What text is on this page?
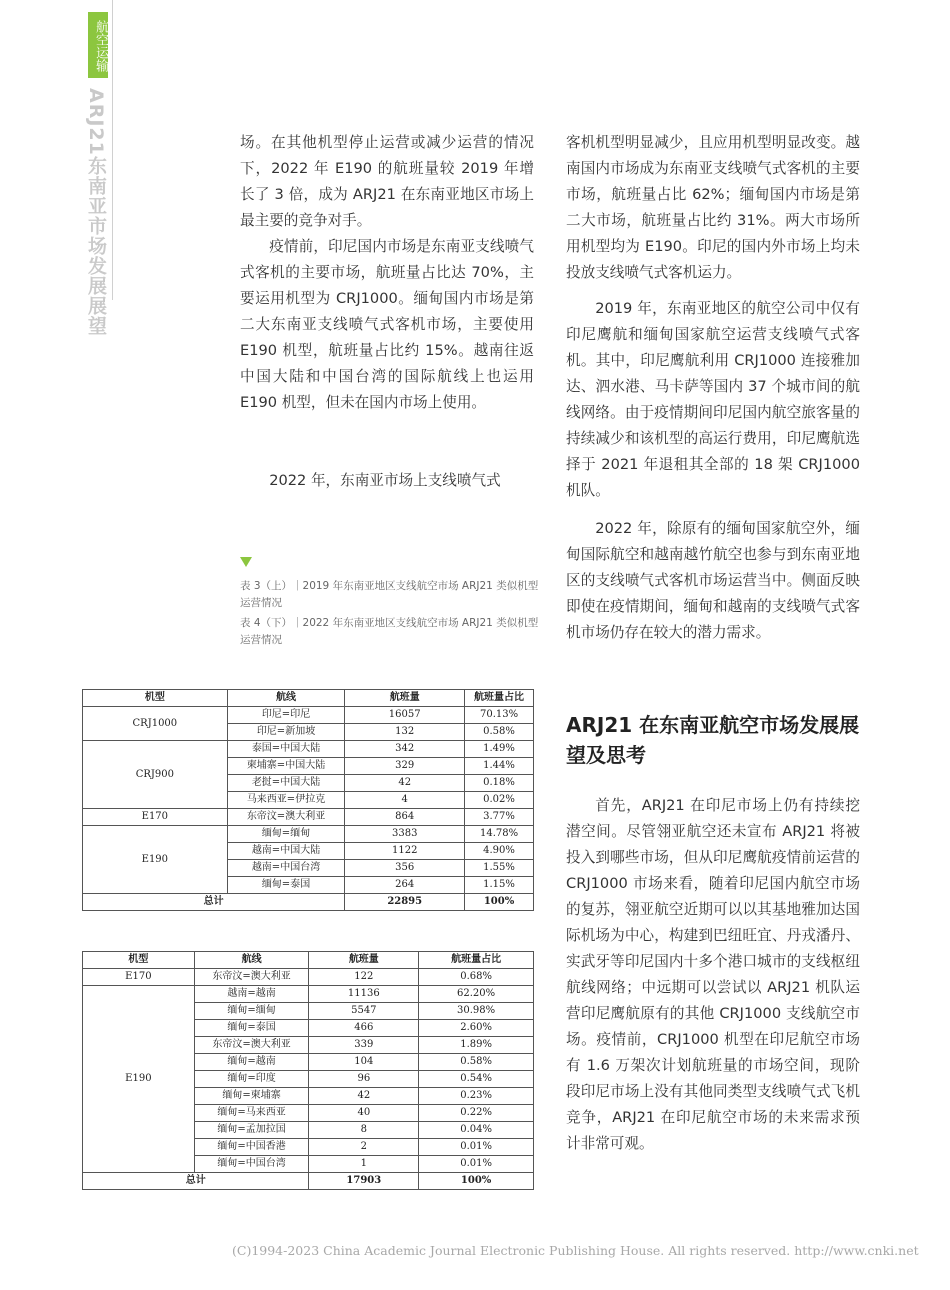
航空运输
ARJ21东南亚市场发展展望	场。在其他机型停止运营或减少运营的情况下，2022 年 E190 的航班量较 2019 年增长了 3 倍，成为 ARJ21 在东南亚地区市场上最主要的竞争对手。

疫情前，印尼国内市场是东南亚支线喷气式客机的主要市场，航班量占比达 70%，主要运用机型为 CRJ1000。缅甸国内市场是第二大东南亚支线喷气式客机市场，主要使用 E190 机型，航班量占比约 15%。越南往返中国大陆和中国台湾的国际航线上也运用 E190 机型，但未在国内市场上使用。

2022 年，东南亚市场上支线喷气式

表 3（上）｜2019 年东南亚地区支线航空市场 ARJ21 类似机型运营情况
表 4（下）｜2022 年东南亚地区支线航空市场 ARJ21 类似机型运营情况
机型	航线	航班量	航班量占比
CRJ1000	印尼=印尼	16057	70.13%
	印尼=新加坡	132	0.58%
CRJ900	泰国=中国大陆	342	1.49%
	柬埔寨=中国大陆	329	1.44%
	老挝=中国大陆	42	0.18%
	马来西亚=伊拉克	4	0.02%
E170	东帝汶=澳大利亚	864	3.77%
E190	缅甸=缅甸	3383	14.78%
	越南=中国大陆	1122	4.90%
	越南=中国台湾	356	1.55%
	缅甸=泰国	264	1.15%
总计		22895	100%
机型	航线	航班量	航班量占比
E170	东帝汶=澳大利亚	122	0.68%
E190	越南=越南	11136	62.20%
	缅甸=缅甸	5547	30.98%
	缅甸=泰国	466	2.60%
	东帝汶=澳大利亚	339	1.89%
	缅甸=越南	104	0.58%
	缅甸=印度	96	0.54%
	缅甸=柬埔寨	42	0.23%
	缅甸=马来西亚	40	0.22%
	缅甸=孟加拉国	8	0.04%
	缅甸=中国香港	2	0.01%
	缅甸=中国台湾	1	0.01%
总计		17903	100%

客机机型明显减少，且应用机型明显改变。越南国内市场成为东南亚支线喷气式客机的主要市场，航班量占比 62%；缅甸国内市场是第二大市场，航班量占比约 31%。两大市场所用机型均为 E190。印尼的国内外市场上均未投放支线喷气式客机运力。

2019 年，东南亚地区的航空公司中仅有印尼鹰航和缅甸国家航空运营支线喷气式客机。其中，印尼鹰航利用 CRJ1000 连接雅加达、泗水港、马卡萨等国内 37 个城市间的航线网络。由于疫情期间印尼国内航空旅客量的持续减少和该机型的高运行费用，印尼鹰航选择于 2021 年退租其全部的 18 架 CRJ1000 机队。

2022 年，除原有的缅甸国家航空外，缅甸国际航空和越南越竹航空也参与到东南亚地区的支线喷气式客机市场运营当中。侧面反映即使在疫情期间，缅甸和越南的支线喷气式客机市场仍存在较大的潜力需求。

ARJ21 在东南亚航空市场发展展望及思考

首先，ARJ21 在印尼市场上仍有持续挖潜空间。尽管翎亚航空还未宣布 ARJ21 将被投入到哪些市场，但从印尼鹰航疫情前运营的 CRJ1000 市场来看，随着印尼国内航空市场的复苏，翎亚航空近期可以以其基地雅加达国际机场为中心，构建到巴纽旺宜、丹戎潘丹、实武牙等印尼国内十多个港口城市的支线枢纽航线网络；中远期可以尝试以 ARJ21 机队运营印尼鹰航原有的其他 CRJ1000 支线航空市场。疫情前，CRJ1000 机型在印尼航空市场有 1.6 万架次计划航班量的市场空间，现阶段印尼市场上没有其他同类型支线喷气式飞机竞争，ARJ21 在印尼航空市场的未来需求预计非常可观。

(C)1994-2023 China Academic Journal Electronic Publishing House. All rights reserved. http://www.cnki.net
